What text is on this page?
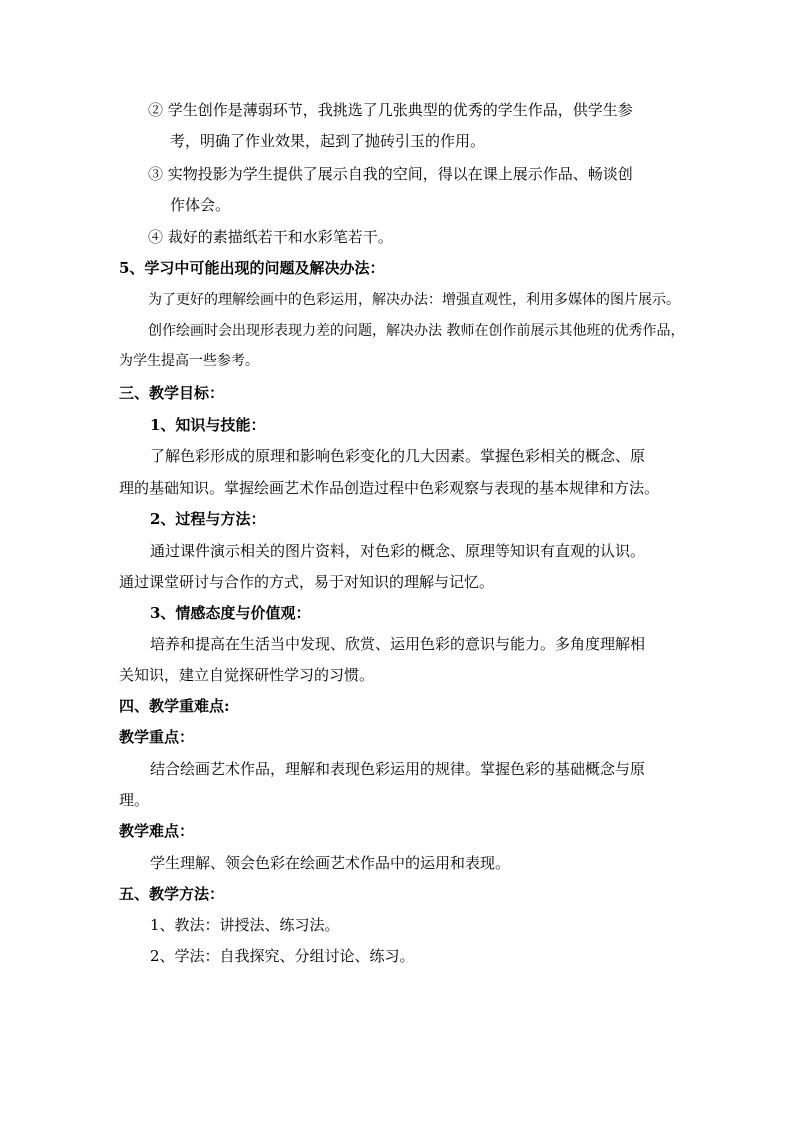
② 学生创作是薄弱环节，我挑选了几张典型的优秀的学生作品，供学生参
考，明确了作业效果，起到了抛砖引玉的作用。
③ 实物投影为学生提供了展示自我的空间，得以在课上展示作品、畅谈创
作体会。
④ 裁好的素描纸若干和水彩笔若干。
5、学习中可能出现的问题及解决办法：
为了更好的理解绘画中的色彩运用，解决办法：增强直观性，利用多媒体的图片展示。
创作绘画时会出现形表现力差的问题，解决办法 教师在创作前展示其他班的优秀作品，
为学生提高一些参考。
三、教学目标：
1、知识与技能：
了解色彩形成的原理和影响色彩变化的几大因素。掌握色彩相关的概念、原
理的基础知识。掌握绘画艺术作品创造过程中色彩观察与表现的基本规律和方法。
2、过程与方法：
通过课件演示相关的图片资料，对色彩的概念、原理等知识有直观的认识。
通过课堂研讨与合作的方式，易于对知识的理解与记忆。
3、情感态度与价值观：
培养和提高在生活当中发现、欣赏、运用色彩的意识与能力。多角度理解相
关知识，建立自觉探研性学习的习惯。
四、教学重难点:
教学重点：
结合绘画艺术作品，理解和表现色彩运用的规律。掌握色彩的基础概念与原
理。
教学难点：
学生理解、领会色彩在绘画艺术作品中的运用和表现。
五、教学方法：
1、教法：讲授法、练习法。
2、学法：自我探究、分组讨论、练习。
